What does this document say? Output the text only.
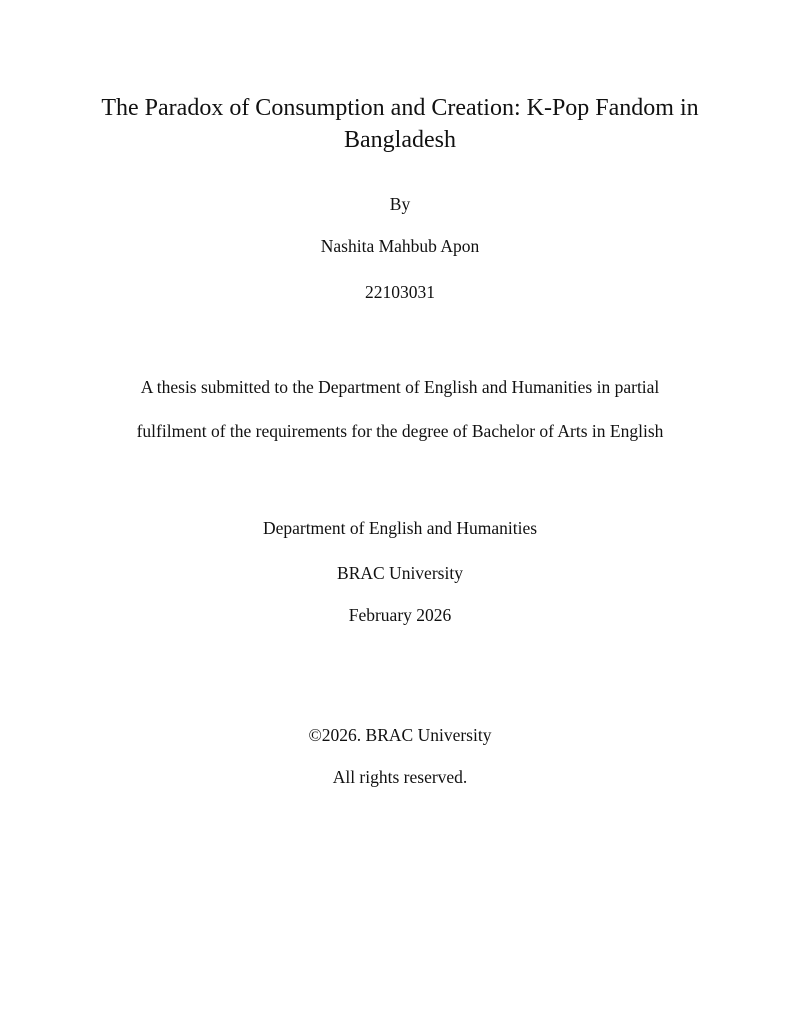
The Paradox of Consumption and Creation: K-Pop Fandom in
Bangladesh
By
Nashita Mahbub Apon
22103031
A thesis submitted to the Department of English and Humanities in partial
fulfilment of the requirements for the degree of Bachelor of Arts in English
Department of English and Humanities
BRAC University
February 2026
©2026. BRAC University
All rights reserved.
